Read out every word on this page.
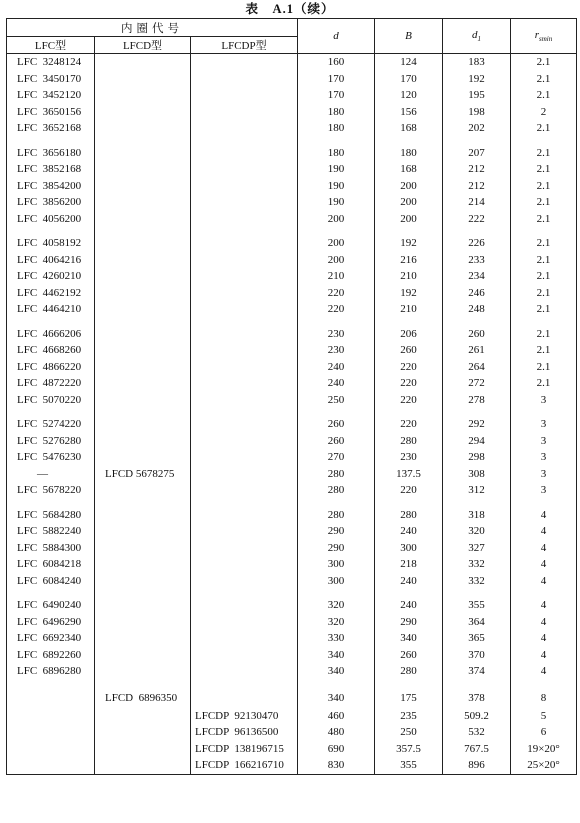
表　A.1（续）
内圈代号			d	B	$d_1$	$r_{smin}$
LFC型	LFCD型	LFCDP型				
LFC  3248124			160	124	183	2.1
LFC  3450170			170	170	192	2.1
LFC  3452120			170	120	195	2.1
LFC  3650156			180	156	198	2
LFC  3652168			180	168	202	2.1

LFC  3656180			180	180	207	2.1
LFC  3852168			190	168	212	2.1
LFC  3854200			190	200	212	2.1
LFC  3856200			190	200	214	2.1
LFC  4056200			200	200	222	2.1

LFC  4058192			200	192	226	2.1
LFC  4064216			200	216	233	2.1
LFC  4260210			210	210	234	2.1
LFC  4462192			220	192	246	2.1
LFC  4464210			220	210	248	2.1

LFC  4666206			230	206	260	2.1
LFC  4668260			230	260	261	2.1
LFC  4866220			240	220	264	2.1
LFC  4872220			240	220	272	2.1
LFC  5070220			250	220	278	3

LFC  5274220			260	220	292	3
LFC  5276280			260	280	294	3
LFC  5476230			270	230	298	3
—	LFCD 5678275		280	137.5	308	3
LFC  5678220			280	220	312	3

LFC  5684280			280	280	318	4
LFC  5882240			290	240	320	4
LFC  5884300			290	300	327	4
LFC  6084218			300	218	332	4
LFC  6084240			300	240	332	4

LFC  6490240			320	240	355	4
LFC  6496290			320	290	364	4
LFC  6692340			330	340	365	4
LFC  6892260			340	260	370	4
LFC  6896280			340	280	374	4

	LFCD  6896350		340	175	378	8
		LFCDP  92130470	460	235	509.2	5
		LFCDP  96136500	480	250	532	6
		LFCDP  138196715	690	357.5	767.5	19×20°
		LFCDP  166216710	830	355	896	25×20°
